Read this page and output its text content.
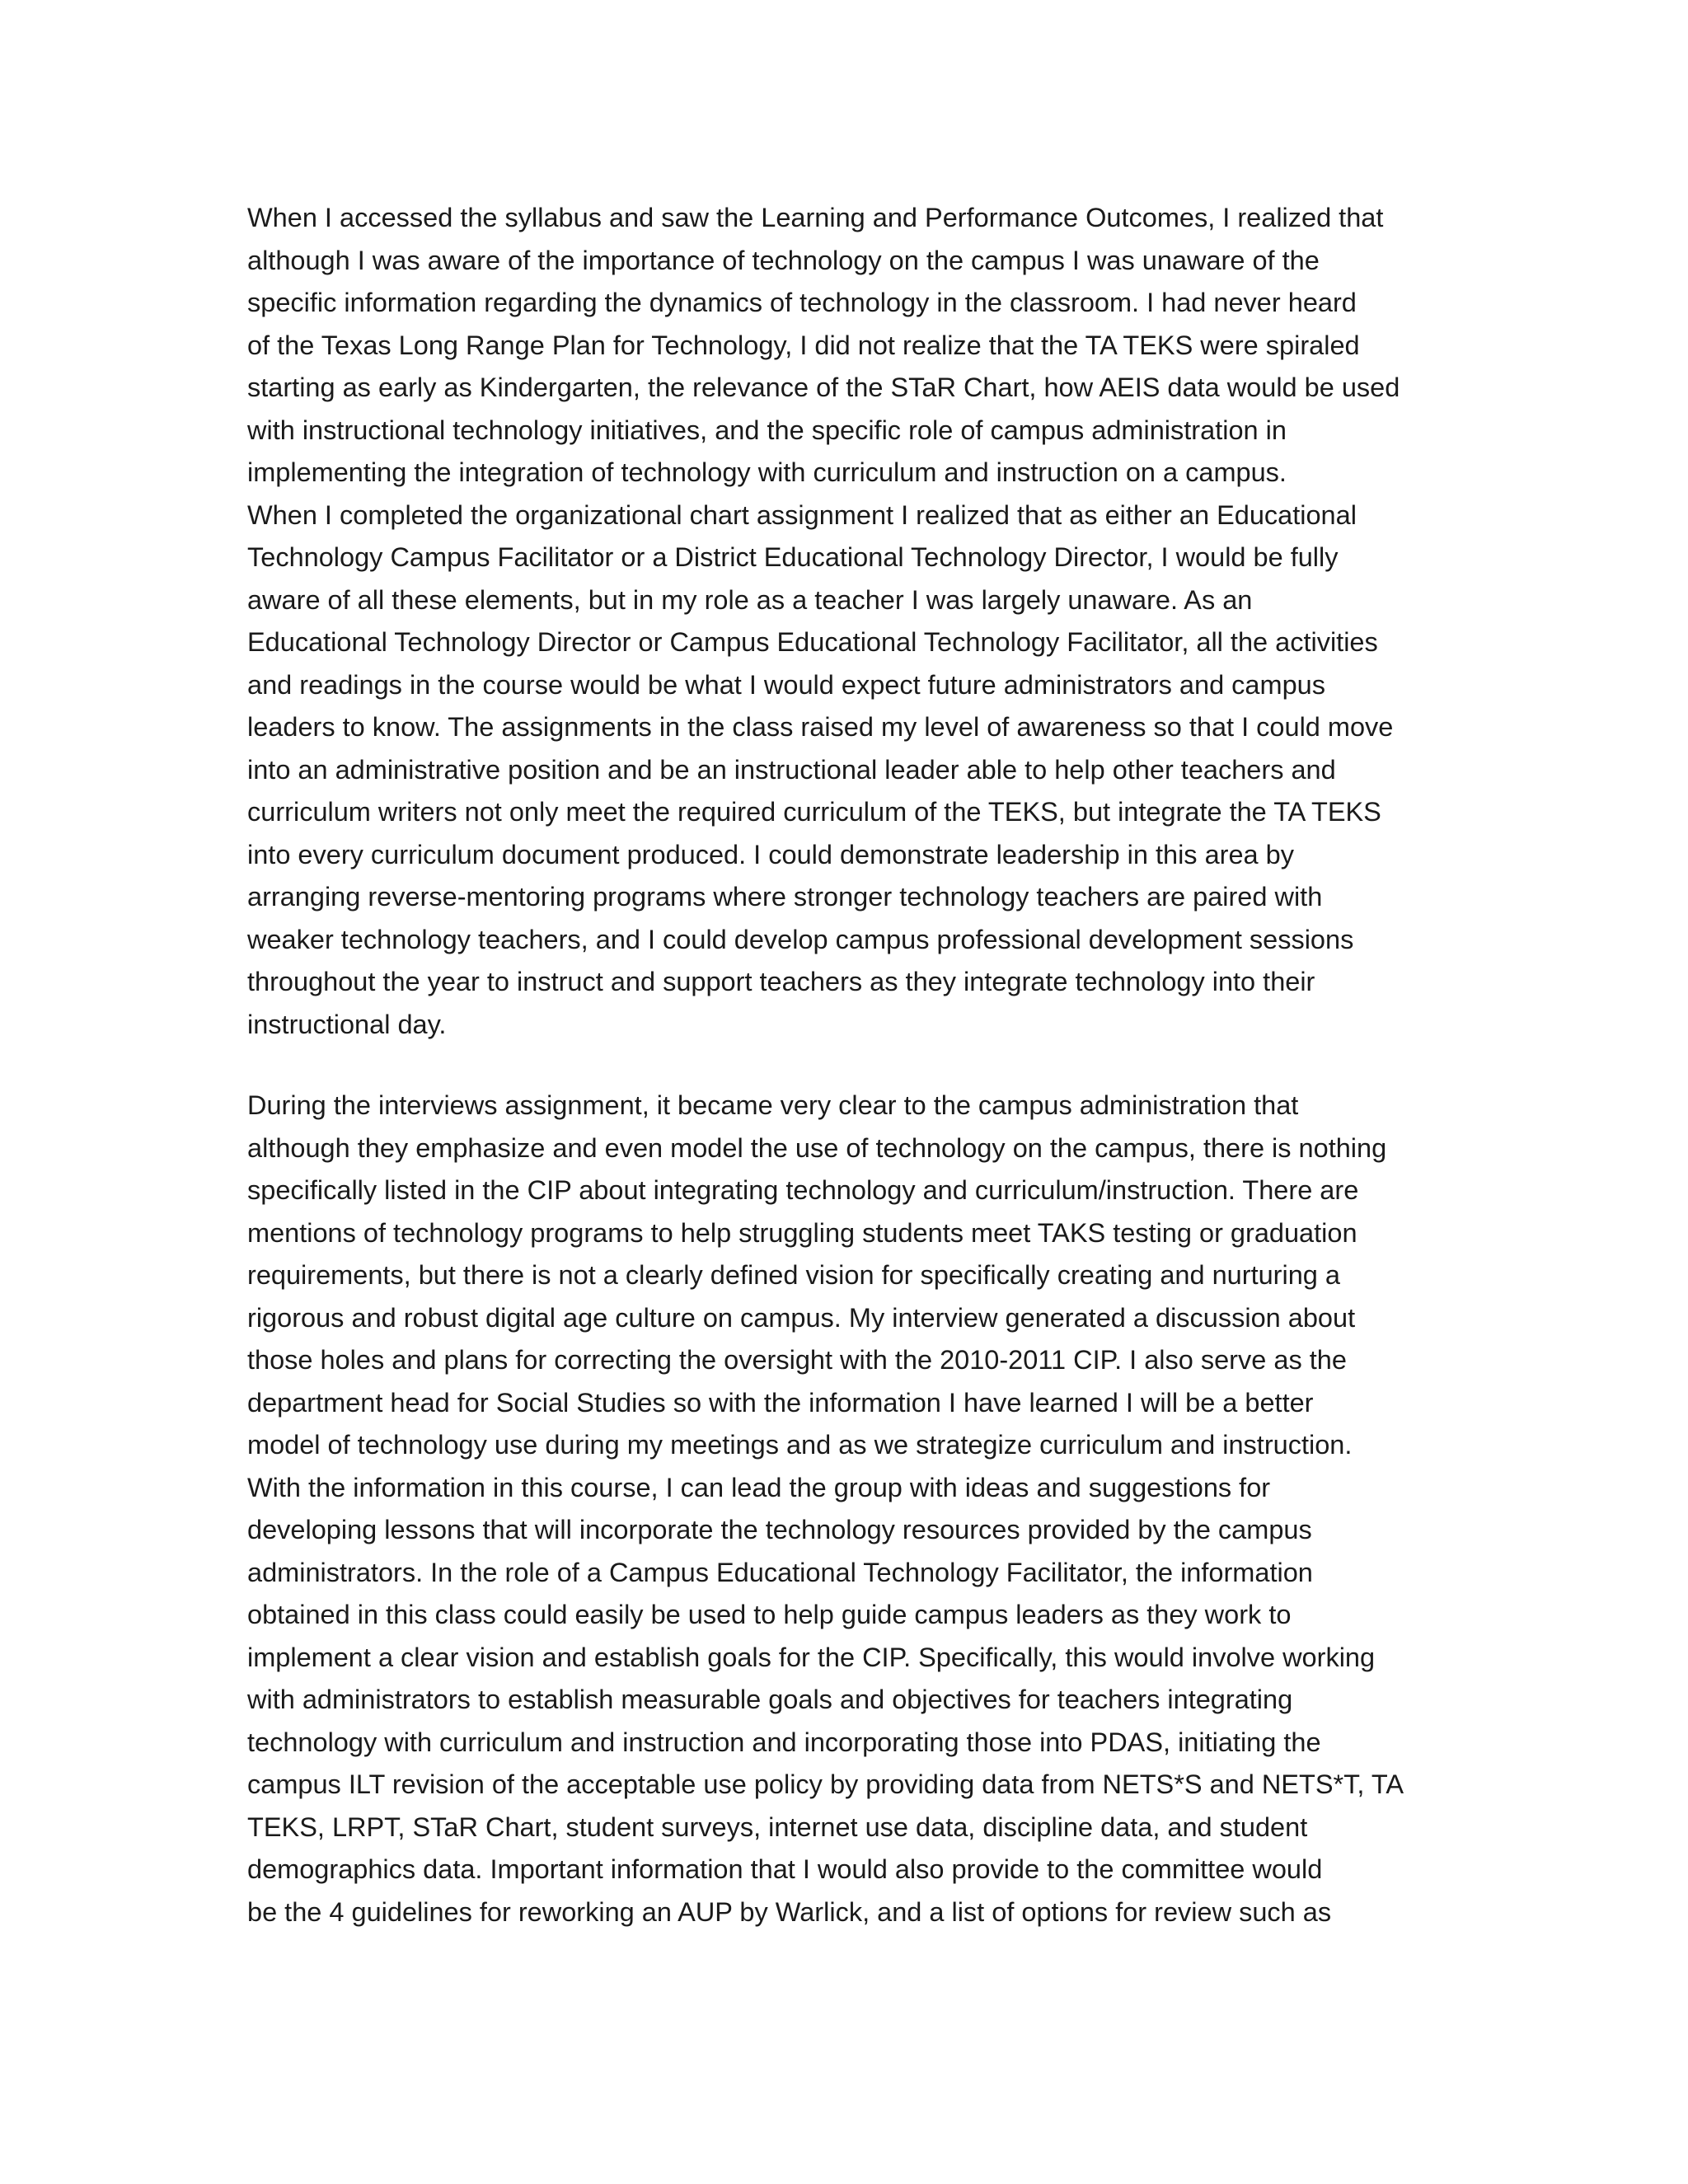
When I accessed the syllabus and saw the Learning and Performance Outcomes, I realized that
although I was aware of the importance of technology on the campus I was unaware of the
specific information regarding the dynamics of technology in the classroom. I had never heard
of the Texas Long Range Plan for Technology, I did not realize that the TA TEKS were spiraled
starting as early as Kindergarten, the relevance of the STaR Chart, how AEIS data would be used
with instructional technology initiatives, and the specific role of campus administration in
implementing the integration of technology with curriculum and instruction on a campus.
When I completed the organizational chart assignment I realized that as either an Educational
Technology Campus Facilitator or a District Educational Technology Director, I would be fully
aware of all these elements, but in my role as a teacher I was largely unaware. As an
Educational Technology Director or Campus Educational Technology Facilitator, all the activities
and readings in the course would be what I would expect future administrators and campus
leaders to know. The assignments in the class raised my level of awareness so that I could move
into an administrative position and be an instructional leader able to help other teachers and
curriculum writers not only meet the required curriculum of the TEKS, but integrate the TA TEKS
into every curriculum document produced. I could demonstrate leadership in this area by
arranging reverse-mentoring programs where stronger technology teachers are paired with
weaker technology teachers, and I could develop campus professional development sessions
throughout the year to instruct and support teachers as they integrate technology into their
instructional day.
During the interviews assignment, it became very clear to the campus administration that
although they emphasize and even model the use of technology on the campus, there is nothing
specifically listed in the CIP about integrating technology and curriculum/instruction. There are
mentions of technology programs to help struggling students meet TAKS testing or graduation
requirements, but there is not a clearly defined vision for specifically creating and nurturing a
rigorous and robust digital age culture on campus. My interview generated a discussion about
those holes and plans for correcting the oversight with the 2010-2011 CIP. I also serve as the
department head for Social Studies so with the information I have learned I will be a better
model of technology use during my meetings and as we strategize curriculum and instruction.
With the information in this course, I can lead the group with ideas and suggestions for
developing lessons that will incorporate the technology resources provided by the campus
administrators. In the role of a Campus Educational Technology Facilitator, the information
obtained in this class could easily be used to help guide campus leaders as they work to
implement a clear vision and establish goals for the CIP. Specifically, this would involve working
with administrators to establish measurable goals and objectives for teachers integrating
technology with curriculum and instruction and incorporating those into PDAS, initiating the
campus ILT revision of the acceptable use policy by providing data from NETS*S and NETS*T, TA
TEKS, LRPT, STaR Chart, student surveys, internet use data, discipline data, and student
demographics data. Important information that I would also provide to the committee would
be the 4 guidelines for reworking an AUP by Warlick, and a list of options for review such as
